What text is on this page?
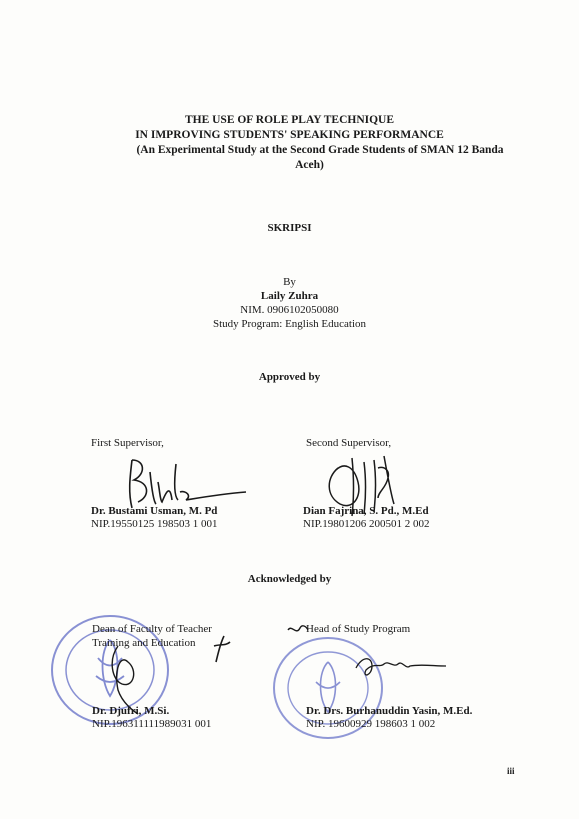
THE USE OF ROLE PLAY TECHNIQUE
IN IMPROVING STUDENTS' SPEAKING PERFORMANCE
(An Experimental Study at the Second Grade Students of SMAN 12 Banda
Aceh)
SKRIPSI
By
Laily Zuhra
NIM. 0906102050080
Study Program: English Education
Approved by
First Supervisor,
Dr. Bustami Usman, M. Pd
NIP.19550125 198503 1 001
Second Supervisor,
Dian Fajrina, S. Pd., M.Ed
NIP.19801206 200501 2 002
Acknowledged by
Dean of Faculty of Teacher
Training and Education
Dr. Djufri, M.Si.
NIP.196311111989031 001
Head of Study Program
Dr. Drs. Burhanuddin Yasin, M.Ed.
NIP. 19600929 198603 1 002
iii
